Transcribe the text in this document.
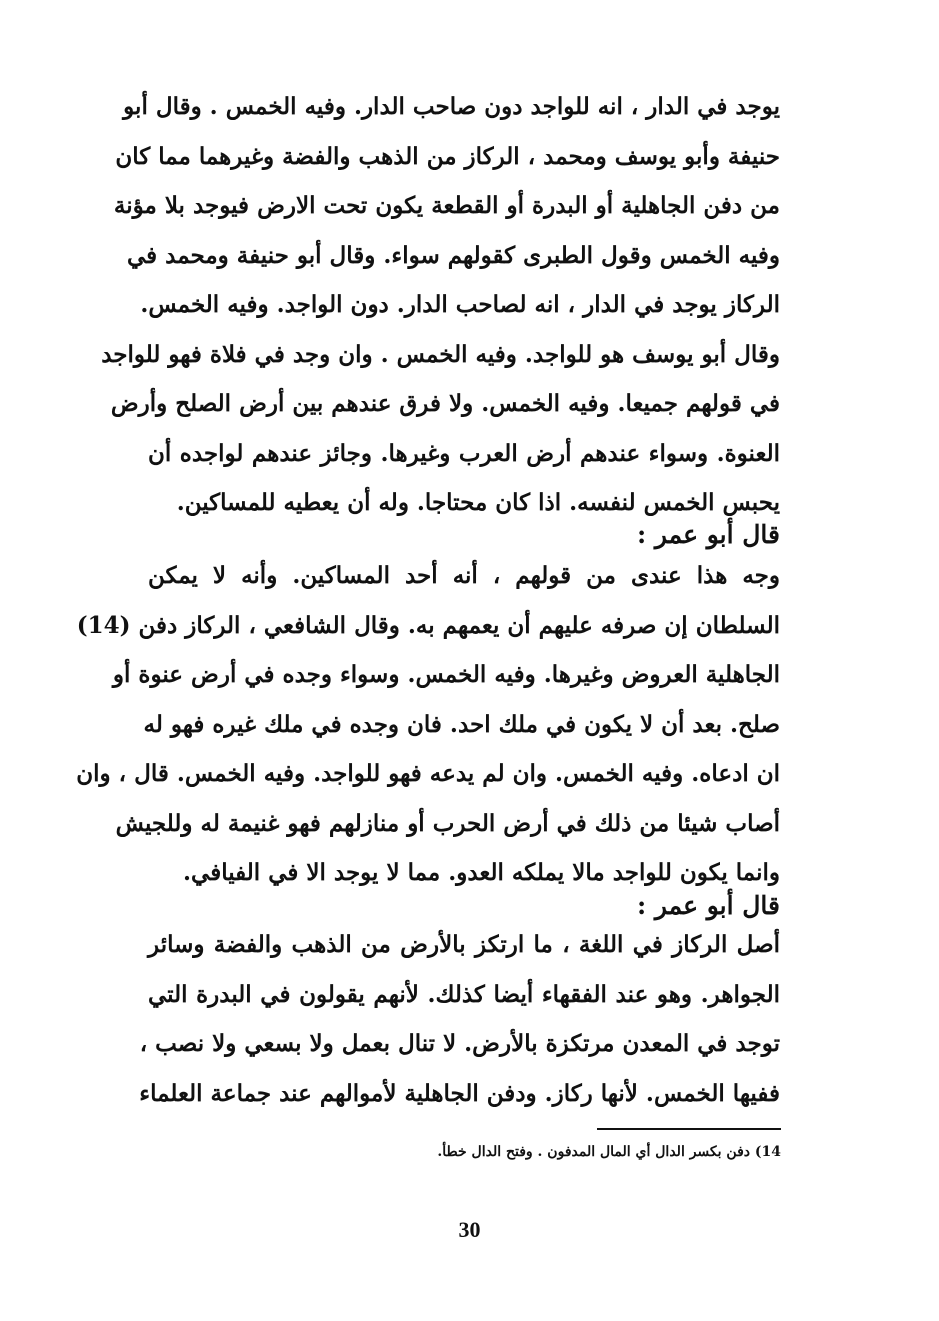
يوجد في الدار ، انه للواجد دون صاحب الدار. وفيه الخمس . وقال أبو
حنيفة وأبو يوسف ومحمد ، الركاز من الذهب والفضة وغيرهما مما كان
من دفن الجاهلية أو البدرة أو القطعة يكون تحت الارض فيوجد بلا مؤنة
وفيه الخمس وقول الطبرى كقولهم سواء. وقال أبو حنيفة ومحمد في
الركاز يوجد في الدار ، انه لصاحب الدار. دون الواجد. وفيه الخمس.
وقال أبو يوسف هو للواجد. وفيه الخمس . وان وجد في فلاة فهو للواجد
في قولهم جميعا. وفيه الخمس. ولا فرق عندهم بين أرض الصلح وأرض
العنوة. وسواء عندهم أرض العرب وغيرها. وجائز عندهم لواجده أن
يحبس الخمس لنفسه. اذا كان محتاجا. وله أن يعطيه للمساكين.
قال أبو عمر :
وجه هذا عندى من قولهم ، أنه أحد المساكين. وأنه لا يمكن
السلطان إن صرفه عليهم أن يعمهم به. وقال الشافعي ، الركاز دفن (14)
الجاهلية العروض وغيرها. وفيه الخمس. وسواء وجده في أرض عنوة أو
صلح. بعد أن لا يكون في ملك احد. فان وجده في ملك غيره فهو له
ان ادعاه. وفيه الخمس. وان لم يدعه فهو للواجد. وفيه الخمس. قال ، وان
أصاب شيئا من ذلك في أرض الحرب أو منازلهم فهو غنيمة له وللجيش
وانما يكون للواجد مالا يملكه العدو. مما لا يوجد الا في الفيافي.
قال أبو عمر :
أصل الركاز في اللغة ، ما ارتكز بالأرض من الذهب والفضة وسائر
الجواهر. وهو عند الفقهاء أيضا كذلك. لأنهم يقولون في البدرة التي
توجد في المعدن مرتكزة بالأرض. لا تنال بعمل ولا بسعي ولا نصب ،
ففيها الخمس. لأنها ركاز. ودفن الجاهلية لأموالهم عند جماعة العلماء
14) دفن بكسر الدال أي المال المدفون . وفتح الدال خطأ.
30
